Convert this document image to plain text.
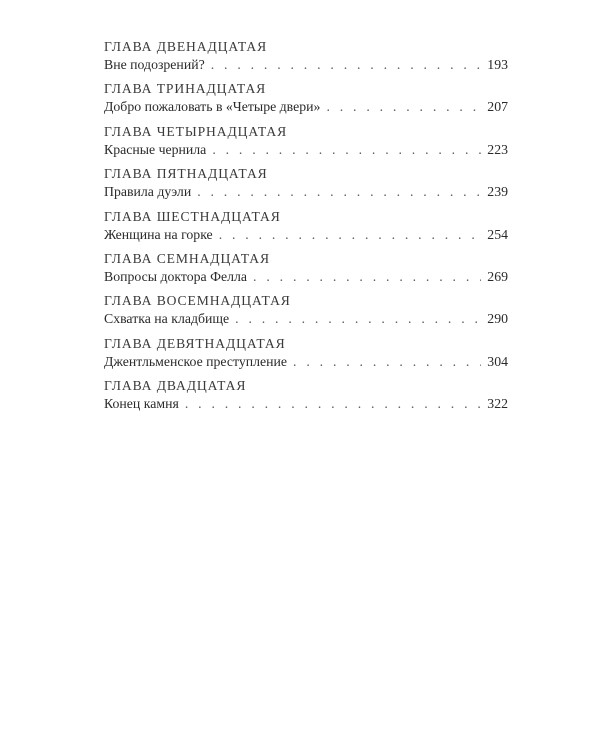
ГЛАВА ДВЕНАДЦАТАЯ
Вне подозрений? . . .	193
ГЛАВА ТРИНАДЦАТАЯ
Добро пожаловать в «Четыре двери» . . .	207
ГЛАВА ЧЕТЫРНАДЦАТАЯ
Красные чернила . . .	223
ГЛАВА ПЯТНАДЦАТАЯ
Правила дуэли . . .	239
ГЛАВА ШЕСТНАДЦАТАЯ
Женщина на горке . . .	254
ГЛАВА СЕМНАДЦАТАЯ
Вопросы доктора Фелла . . .	269
ГЛАВА ВОСЕМНАДЦАТАЯ
Схватка на кладбище . . .	290
ГЛАВА ДЕВЯТНАДЦАТАЯ
Джентльменское преступление . . .	304
ГЛАВА ДВАДЦАТАЯ
Конец камня . . .	322
